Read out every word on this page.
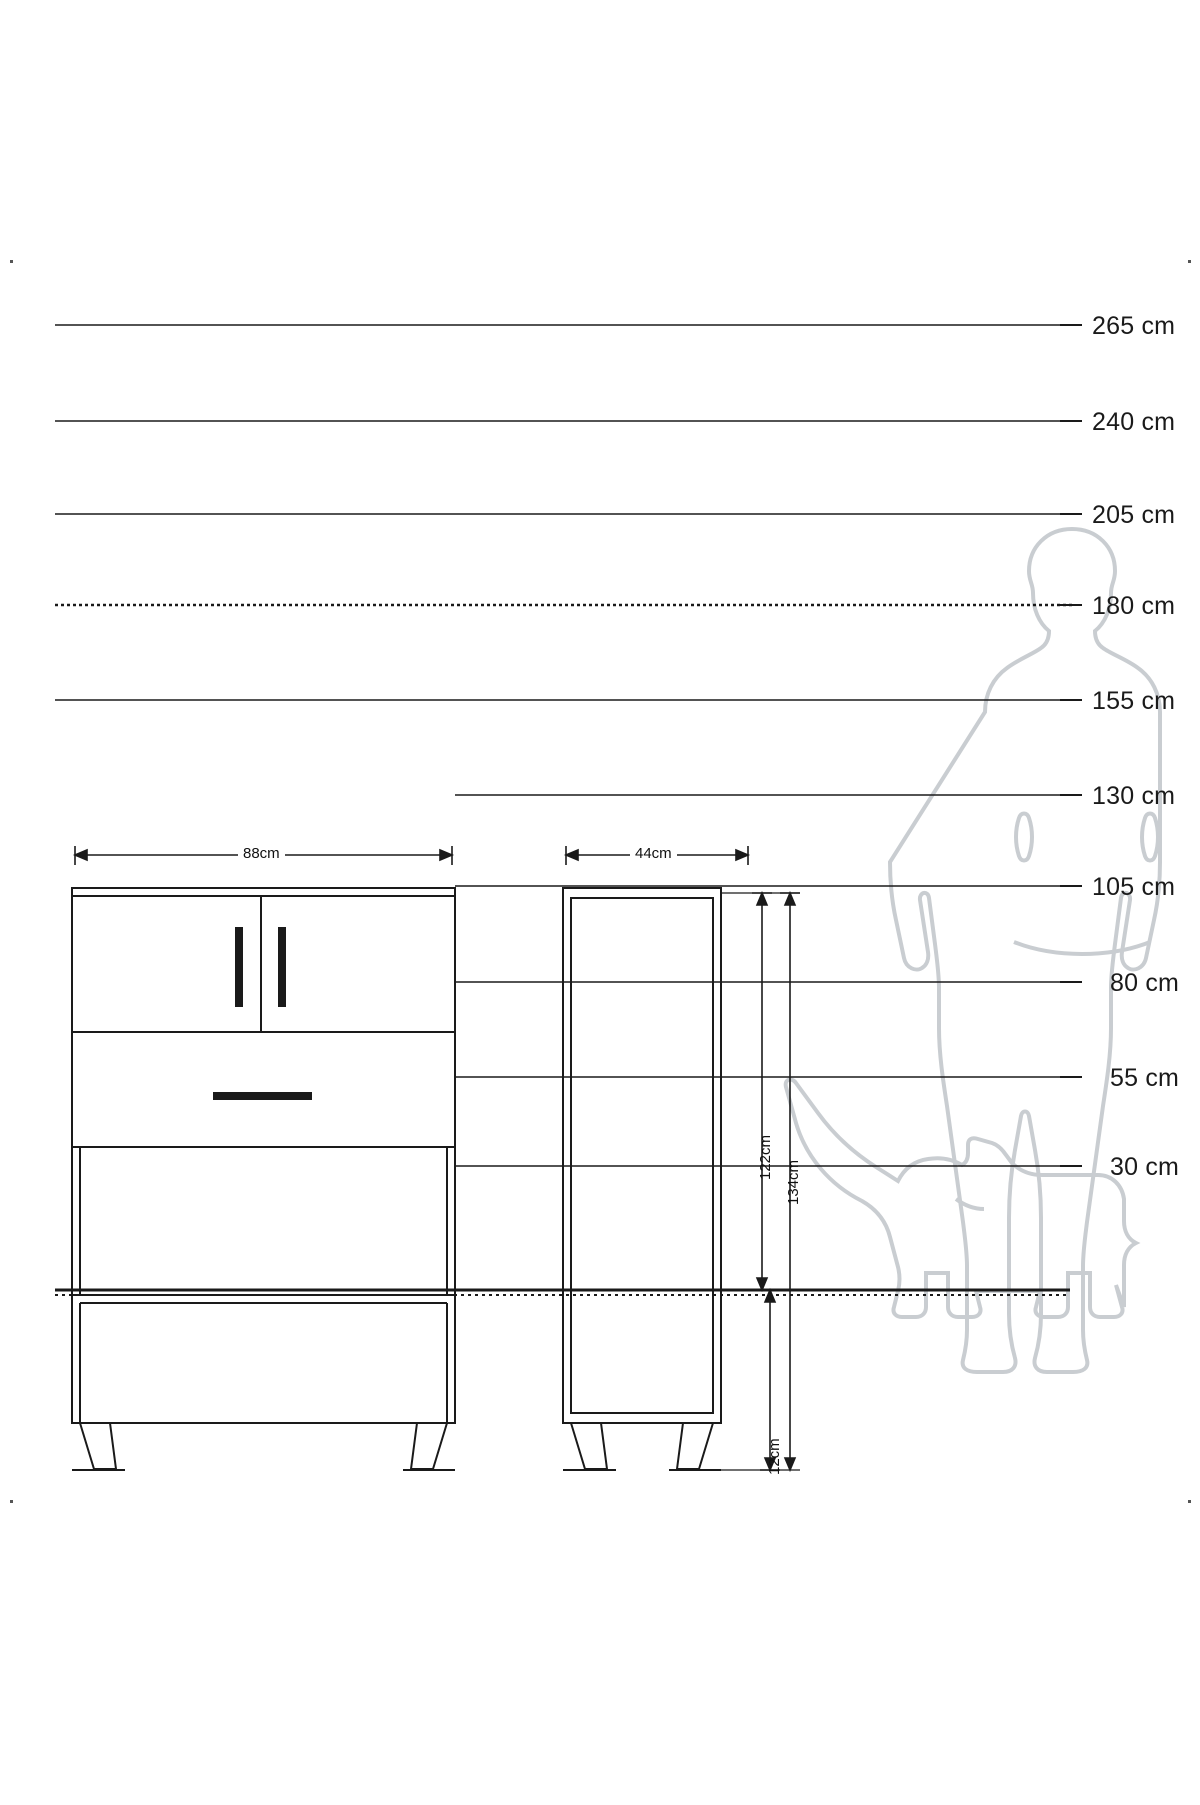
265 cm
240 cm
205 cm
180 cm
155 cm
130 cm
105 cm
80 cm
55 cm
30 cm
88cm	44cm
122cm
134cm
12cm
